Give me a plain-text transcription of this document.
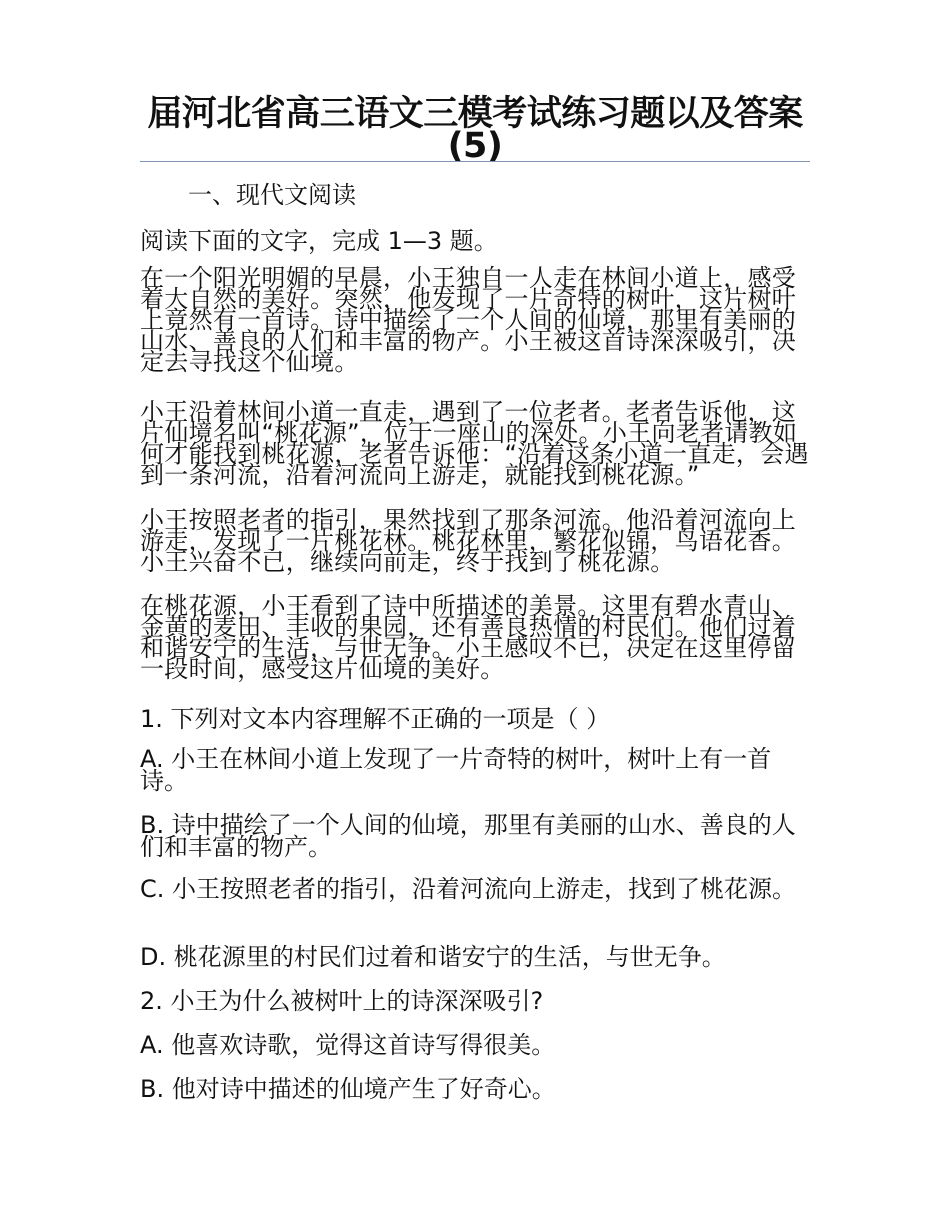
届河北省高三语文三模考试练习题以及答案(5)

一、现代文阅读

阅读下面的文字，完成 1—3 题。

在一个阳光明媚的早晨，小王独自一人走在林间小道上，感受着大自然的美好。突然，他发现了一片奇特的树叶，这片树叶上竟然有一首诗。诗中描绘了一个人间的仙境，那里有美丽的山水、善良的人们和丰富的物产。小王被这首诗深深吸引，决定去寻找这个仙境。

小王沿着林间小道一直走，遇到了一位老者。老者告诉他，这片仙境名叫“桃花源”，位于一座山的深处。小王向老者请教如何才能找到桃花源，老者告诉他：“沿着这条小道一直走，会遇到一条河流，沿着河流向上游走，就能找到桃花源。”

小王按照老者的指引，果然找到了那条河流。他沿着河流向上游走，发现了一片桃花林。桃花林里，繁花似锦，鸟语花香。小王兴奋不已，继续向前走，终于找到了桃花源。

在桃花源，小王看到了诗中所描述的美景。这里有碧水青山、金黄的麦田、丰收的果园，还有善良热情的村民们。他们过着和谐安宁的生活，与世无争。小王感叹不已，决定在这里停留一段时间，感受这片仙境的美好。

1. 下列对文本内容理解不正确的一项是（ ）

A. 小王在林间小道上发现了一片奇特的树叶，树叶上有一首诗。

B. 诗中描绘了一个人间的仙境，那里有美丽的山水、善良的人们和丰富的物产。

C. 小王按照老者的指引，沿着河流向上游走，找到了桃花源。

D. 桃花源里的村民们过着和谐安宁的生活，与世无争。

2. 小王为什么被树叶上的诗深深吸引?

A. 他喜欢诗歌，觉得这首诗写得很美。

B. 他对诗中描述的仙境产生了好奇心。
